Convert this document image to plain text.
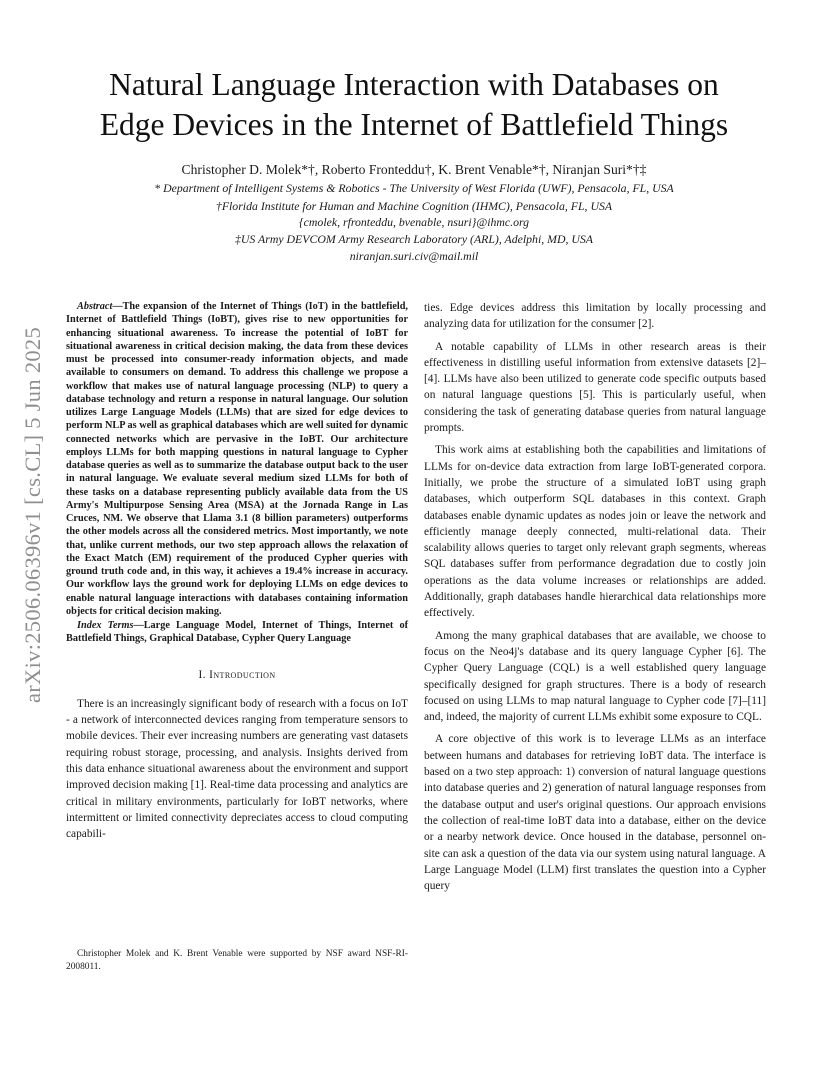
arXiv:2506.06396v1 [cs.CL] 5 Jun 2025
Natural Language Interaction with Databases on
Edge Devices in the Internet of Battlefield Things
Christopher D. Molek*†, Roberto Fronteddu†, K. Brent Venable*†, Niranjan Suri*†‡
* Department of Intelligent Systems & Robotics - The University of West Florida (UWF), Pensacola, FL, USA
†Florida Institute for Human and Machine Cognition (IHMC), Pensacola, FL, USA
{cmolek, rfronteddu, bvenable, nsuri}@ihmc.org
‡US Army DEVCOM Army Research Laboratory (ARL), Adelphi, MD, USA
niranjan.suri.civ@mail.mil

Abstract—The expansion of the Internet of Things (IoT) in the battlefield, Internet of Battlefield Things (IoBT), gives rise to new opportunities for enhancing situational awareness. To increase the potential of IoBT for situational awareness in critical decision making, the data from these devices must be processed into consumer-ready information objects, and made available to consumers on demand. To address this challenge we propose a workflow that makes use of natural language processing (NLP) to query a database technology and return a response in natural language. Our solution utilizes Large Language Models (LLMs) that are sized for edge devices to perform NLP as well as graphical databases which are well suited for dynamic connected networks which are pervasive in the IoBT. Our architecture employs LLMs for both mapping questions in natural language to Cypher database queries as well as to summarize the database output back to the user in natural language. We evaluate several medium sized LLMs for both of these tasks on a database representing publicly available data from the US Army's Multipurpose Sensing Area (MSA) at the Jornada Range in Las Cruces, NM. We observe that Llama 3.1 (8 billion parameters) outperforms the other models across all the considered metrics. Most importantly, we note that, unlike current methods, our two step approach allows the relaxation of the Exact Match (EM) requirement of the produced Cypher queries with ground truth code and, in this way, it achieves a 19.4% increase in accuracy. Our workflow lays the ground work for deploying LLMs on edge devices to enable natural language interactions with databases containing information objects for critical decision making.

Index Terms—Large Language Model, Internet of Things, Internet of Battlefield Things, Graphical Database, Cypher Query Language

I. Introduction

There is an increasingly significant body of research with a focus on IoT - a network of interconnected devices ranging from temperature sensors to mobile devices. Their ever increasing numbers are generating vast datasets requiring robust storage, processing, and analysis. Insights derived from this data enhance situational awareness about the environment and support improved decision making [1]. Real-time data processing and analytics are critical in military environments, particularly for IoBT networks, where intermittent or limited connectivity depreciates access to cloud computing capabili-

Christopher Molek and K. Brent Venable were supported by NSF award NSF-RI-2008011.

ties. Edge devices address this limitation by locally processing and analyzing data for utilization for the consumer [2].

A notable capability of LLMs in other research areas is their effectiveness in distilling useful information from extensive datasets [2]–[4]. LLMs have also been utilized to generate code specific outputs based on natural language questions [5]. This is particularly useful, when considering the task of generating database queries from natural language prompts.

This work aims at establishing both the capabilities and limitations of LLMs for on-device data extraction from large IoBT-generated corpora. Initially, we probe the structure of a simulated IoBT using graph databases, which outperform SQL databases in this context. Graph databases enable dynamic updates as nodes join or leave the network and efficiently manage deeply connected, multi-relational data. Their scalability allows queries to target only relevant graph segments, whereas SQL databases suffer from performance degradation due to costly join operations as the data volume increases or relationships are added. Additionally, graph databases handle hierarchical data relationships more effectively.

Among the many graphical databases that are available, we choose to focus on the Neo4j's database and its query language Cypher [6]. The Cypher Query Language (CQL) is a well established query language specifically designed for graph structures. There is a body of research focused on using LLMs to map natural language to Cypher code [7]–[11] and, indeed, the majority of current LLMs exhibit some exposure to CQL.

A core objective of this work is to leverage LLMs as an interface between humans and databases for retrieving IoBT data. The interface is based on a two step approach: 1) conversion of natural language questions into database queries and 2) generation of natural language responses from the database output and user's original questions. Our approach envisions the collection of real-time IoBT data into a database, either on the device or a nearby network device. Once housed in the database, personnel on-site can ask a question of the data via our system using natural language. A Large Language Model (LLM) first translates the question into a Cypher query
